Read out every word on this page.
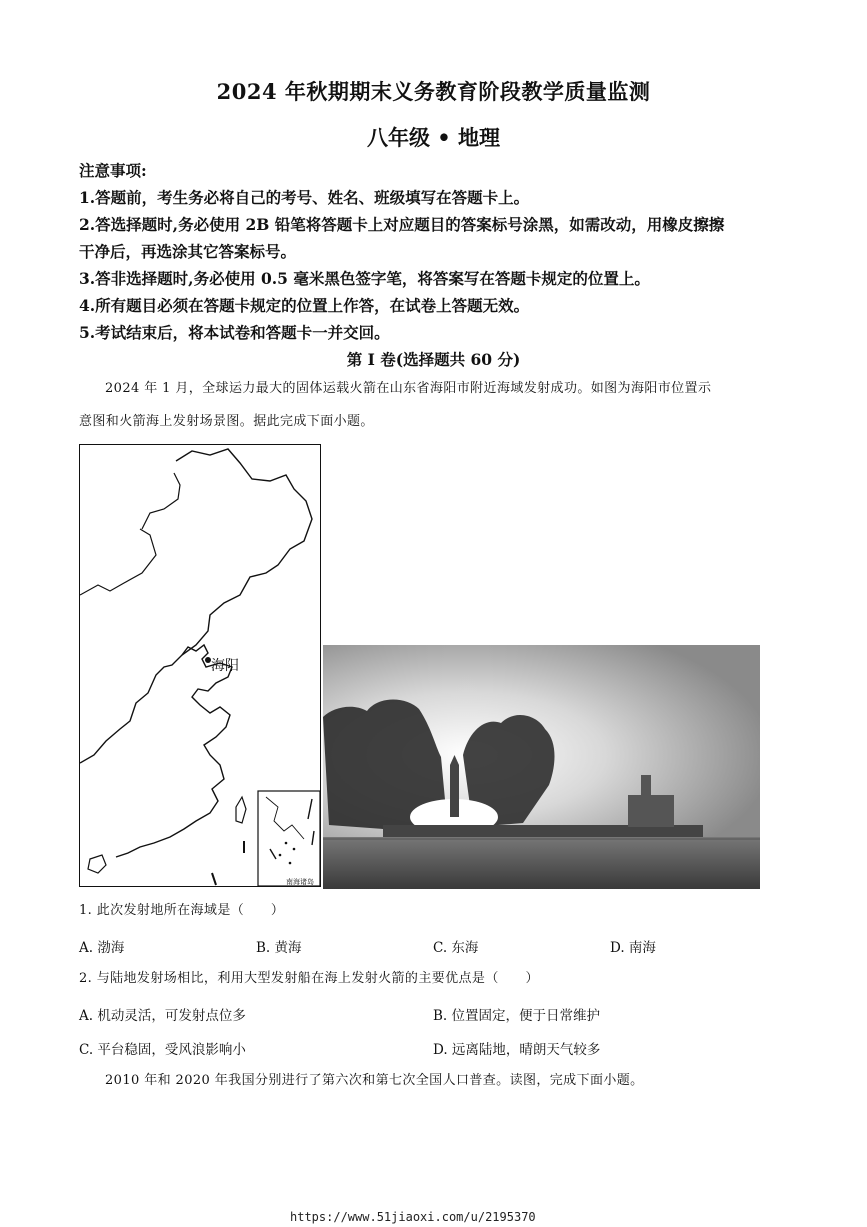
2024 年秋期期末义务教育阶段教学质量监测
八年级 • 地理
注意事项:
1.答题前，考生务必将自己的考号、姓名、班级填写在答题卡上。
2.答选择题时,务必使用 2B 铅笔将答题卡上对应题目的答案标号涂黑，如需改动，用橡皮擦擦
干净后，再选涂其它答案标号。
3.答非选择题时,务必使用 0.5 毫米黑色签字笔，将答案写在答题卡规定的位置上。
4.所有题目必须在答题卡规定的位置上作答，在试卷上答题无效。
5.考试结束后，将本试卷和答题卡一并交回。
第 I 卷(选择题共 60 分)
2024 年 1 月，全球运力最大的固体运载火箭在山东省海阳市附近海域发射成功。如图为海阳市位置示
意图和火箭海上发射场景图。据此完成下面小题。
海阳
南海诸岛
1. 此次发射地所在海域是（　　）
A. 渤海	B. 黄海	C. 东海	D. 南海
2. 与陆地发射场相比，利用大型发射船在海上发射火箭的主要优点是（　　）
A. 机动灵活，可发射点位多	B. 位置固定，便于日常维护
C. 平台稳固，受风浪影响小	D. 远离陆地，晴朗天气较多
2010 年和 2020 年我国分别进行了第六次和第七次全国人口普查。读图，完成下面小题。
https://www.51jiaoxi.com/u/2195370
